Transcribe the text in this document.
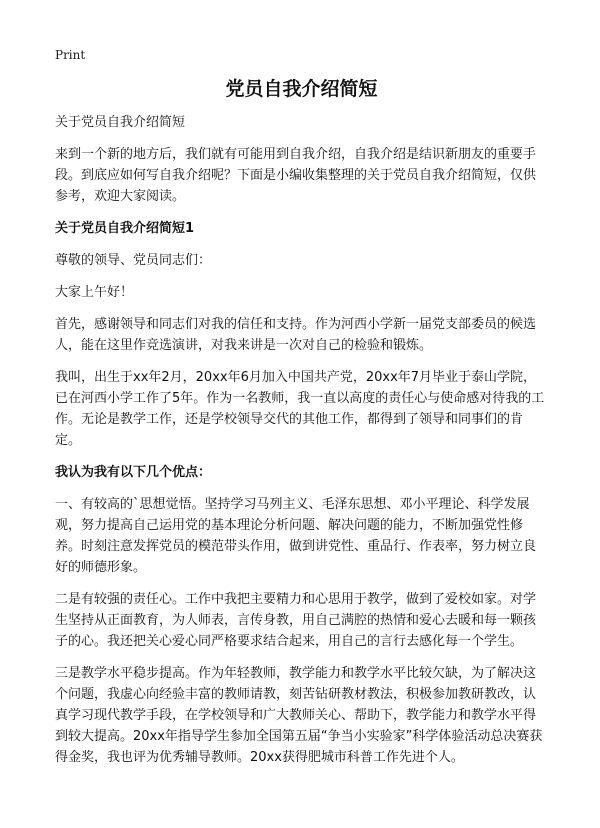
Print
党员自我介绍简短

关于党员自我介绍简短

来到一个新的地方后，我们就有可能用到自我介绍，自我介绍是结识新朋友的重要手段。到底应如何写自我介绍呢？下面是小编收集整理的关于党员自我介绍简短，仅供参考，欢迎大家阅读。

关于党员自我介绍简短1

尊敬的领导、党员同志们：

大家上午好！

首先，感谢领导和同志们对我的信任和支持。作为河西小学新一届党支部委员的候选人，能在这里作竞选演讲，对我来讲是一次对自己的检验和锻炼。

我叫，出生于xx年2月，20xx年6月加入中国共产党，20xx年7月毕业于泰山学院，已在河西小学工作了5年。作为一名教师，我一直以高度的责任心与使命感对待我的工作。无论是教学工作，还是学校领导交代的其他工作，都得到了领导和同事们的肯定。

我认为我有以下几个优点：

一、有较高的`思想觉悟。坚持学习马列主义、毛泽东思想、邓小平理论、科学发展观，努力提高自己运用党的基本理论分析问题、解决问题的能力，不断加强党性修养。时刻注意发挥党员的模范带头作用，做到讲党性、重品行、作表率，努力树立良好的师德形象。

二是有较强的责任心。工作中我把主要精力和心思用于教学，做到了爱校如家。对学生坚持从正面教育，为人师表，言传身教，用自己满腔的热情和爱心去暖和每一颗孩子的心。我还把关心爱心同严格要求结合起来，用自己的言行去感化每一个学生。

三是教学水平稳步提高。作为年轻教师，教学能力和教学水平比较欠缺，为了解决这个问题，我虚心向经验丰富的教师请教，刻苦钻研教材教法，积极参加教研教改，认真学习现代教学手段，在学校领导和广大教师关心、帮助下，教学能力和教学水平得到较大提高。20xx年指导学生参加全国第五届“争当小实验家”科学体验活动总决赛获得金奖，我也评为优秀辅导教师。20xx获得肥城市科普工作先进个人。
